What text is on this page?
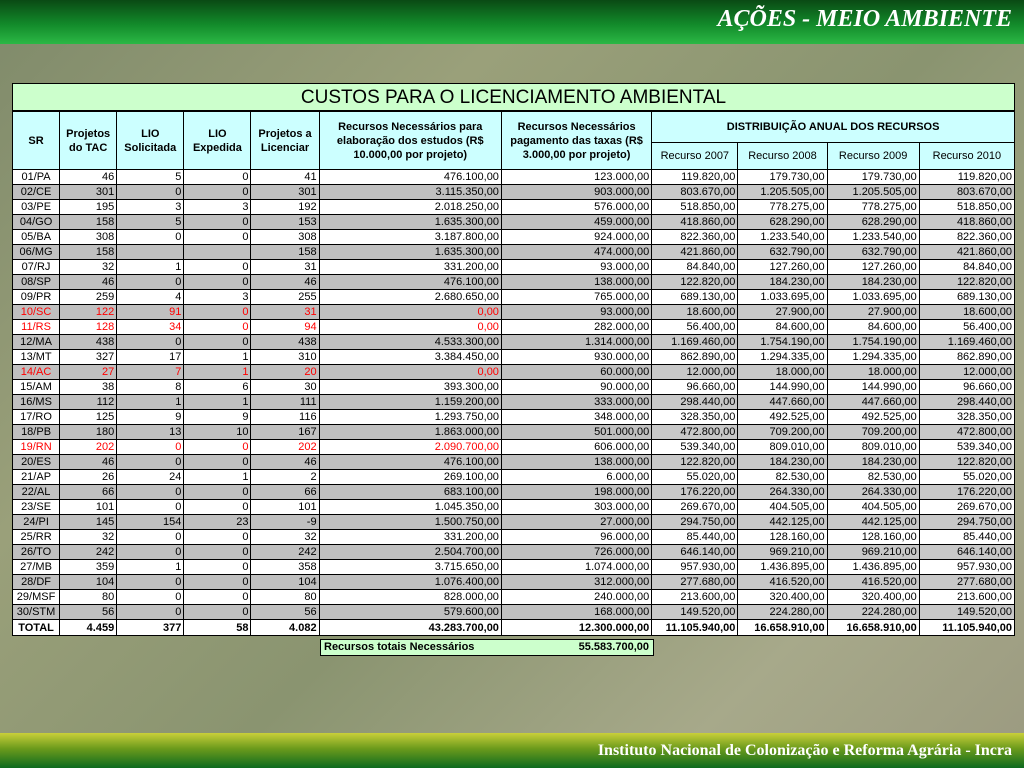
AÇÕES - MEIO AMBIENTE
CUSTOS PARA O LICENCIAMENTO AMBIENTAL
SR	Projetos do TAC	LIO Solicitada	LIO Expedida	Projetos a Licenciar	Recursos Necessários para elaboração dos estudos (R$ 10.000,00 por projeto)	Recursos Necessários pagamento das taxas (R$ 3.000,00 por projeto)	DISTRIBUIÇÃO ANUAL DOS RECURSOS			
							Recurso 2007	Recurso 2008	Recurso 2009	Recurso 2010
01/PA	46	5	0	41	476.100,00	123.000,00	119.820,00	179.730,00	179.730,00	119.820,00
02/CE	301	0	0	301	3.115.350,00	903.000,00	803.670,00	1.205.505,00	1.205.505,00	803.670,00
03/PE	195	3	3	192	2.018.250,00	576.000,00	518.850,00	778.275,00	778.275,00	518.850,00
04/GO	158	5	0	153	1.635.300,00	459.000,00	418.860,00	628.290,00	628.290,00	418.860,00
05/BA	308	0	0	308	3.187.800,00	924.000,00	822.360,00	1.233.540,00	1.233.540,00	822.360,00
06/MG	158			158	1.635.300,00	474.000,00	421.860,00	632.790,00	632.790,00	421.860,00
07/RJ	32	1	0	31	331.200,00	93.000,00	84.840,00	127.260,00	127.260,00	84.840,00
08/SP	46	0	0	46	476.100,00	138.000,00	122.820,00	184.230,00	184.230,00	122.820,00
09/PR	259	4	3	255	2.680.650,00	765.000,00	689.130,00	1.033.695,00	1.033.695,00	689.130,00
10/SC	122	91	0	31	0,00	93.000,00	18.600,00	27.900,00	27.900,00	18.600,00
11/RS	128	34	0	94	0,00	282.000,00	56.400,00	84.600,00	84.600,00	56.400,00
12/MA	438	0	0	438	4.533.300,00	1.314.000,00	1.169.460,00	1.754.190,00	1.754.190,00	1.169.460,00
13/MT	327	17	1	310	3.384.450,00	930.000,00	862.890,00	1.294.335,00	1.294.335,00	862.890,00
14/AC	27	7	1	20	0,00	60.000,00	12.000,00	18.000,00	18.000,00	12.000,00
15/AM	38	8	6	30	393.300,00	90.000,00	96.660,00	144.990,00	144.990,00	96.660,00
16/MS	112	1	1	111	1.159.200,00	333.000,00	298.440,00	447.660,00	447.660,00	298.440,00
17/RO	125	9	9	116	1.293.750,00	348.000,00	328.350,00	492.525,00	492.525,00	328.350,00
18/PB	180	13	10	167	1.863.000,00	501.000,00	472.800,00	709.200,00	709.200,00	472.800,00
19/RN	202	0	0	202	2.090.700,00	606.000,00	539.340,00	809.010,00	809.010,00	539.340,00
20/ES	46	0	0	46	476.100,00	138.000,00	122.820,00	184.230,00	184.230,00	122.820,00
21/AP	26	24	1	2	269.100,00	6.000,00	55.020,00	82.530,00	82.530,00	55.020,00
22/AL	66	0	0	66	683.100,00	198.000,00	176.220,00	264.330,00	264.330,00	176.220,00
23/SE	101	0	0	101	1.045.350,00	303.000,00	269.670,00	404.505,00	404.505,00	269.670,00
24/PI	145	154	23	-9	1.500.750,00	27.000,00	294.750,00	442.125,00	442.125,00	294.750,00
25/RR	32	0	0	32	331.200,00	96.000,00	85.440,00	128.160,00	128.160,00	85.440,00
26/TO	242	0	0	242	2.504.700,00	726.000,00	646.140,00	969.210,00	969.210,00	646.140,00
27/MB	359	1	0	358	3.715.650,00	1.074.000,00	957.930,00	1.436.895,00	1.436.895,00	957.930,00
28/DF	104	0	0	104	1.076.400,00	312.000,00	277.680,00	416.520,00	416.520,00	277.680,00
29/MSF	80	0	0	80	828.000,00	240.000,00	213.600,00	320.400,00	320.400,00	213.600,00
30/STM	56	0	0	56	579.600,00	168.000,00	149.520,00	224.280,00	224.280,00	149.520,00
TOTAL	4.459	377	58	4.082	43.283.700,00	12.300.000,00	11.105.940,00	16.658.910,00	16.658.910,00	11.105.940,00
Recursos totais Necessários	55.583.700,00
Instituto Nacional de Colonização e Reforma Agrária - Incra
